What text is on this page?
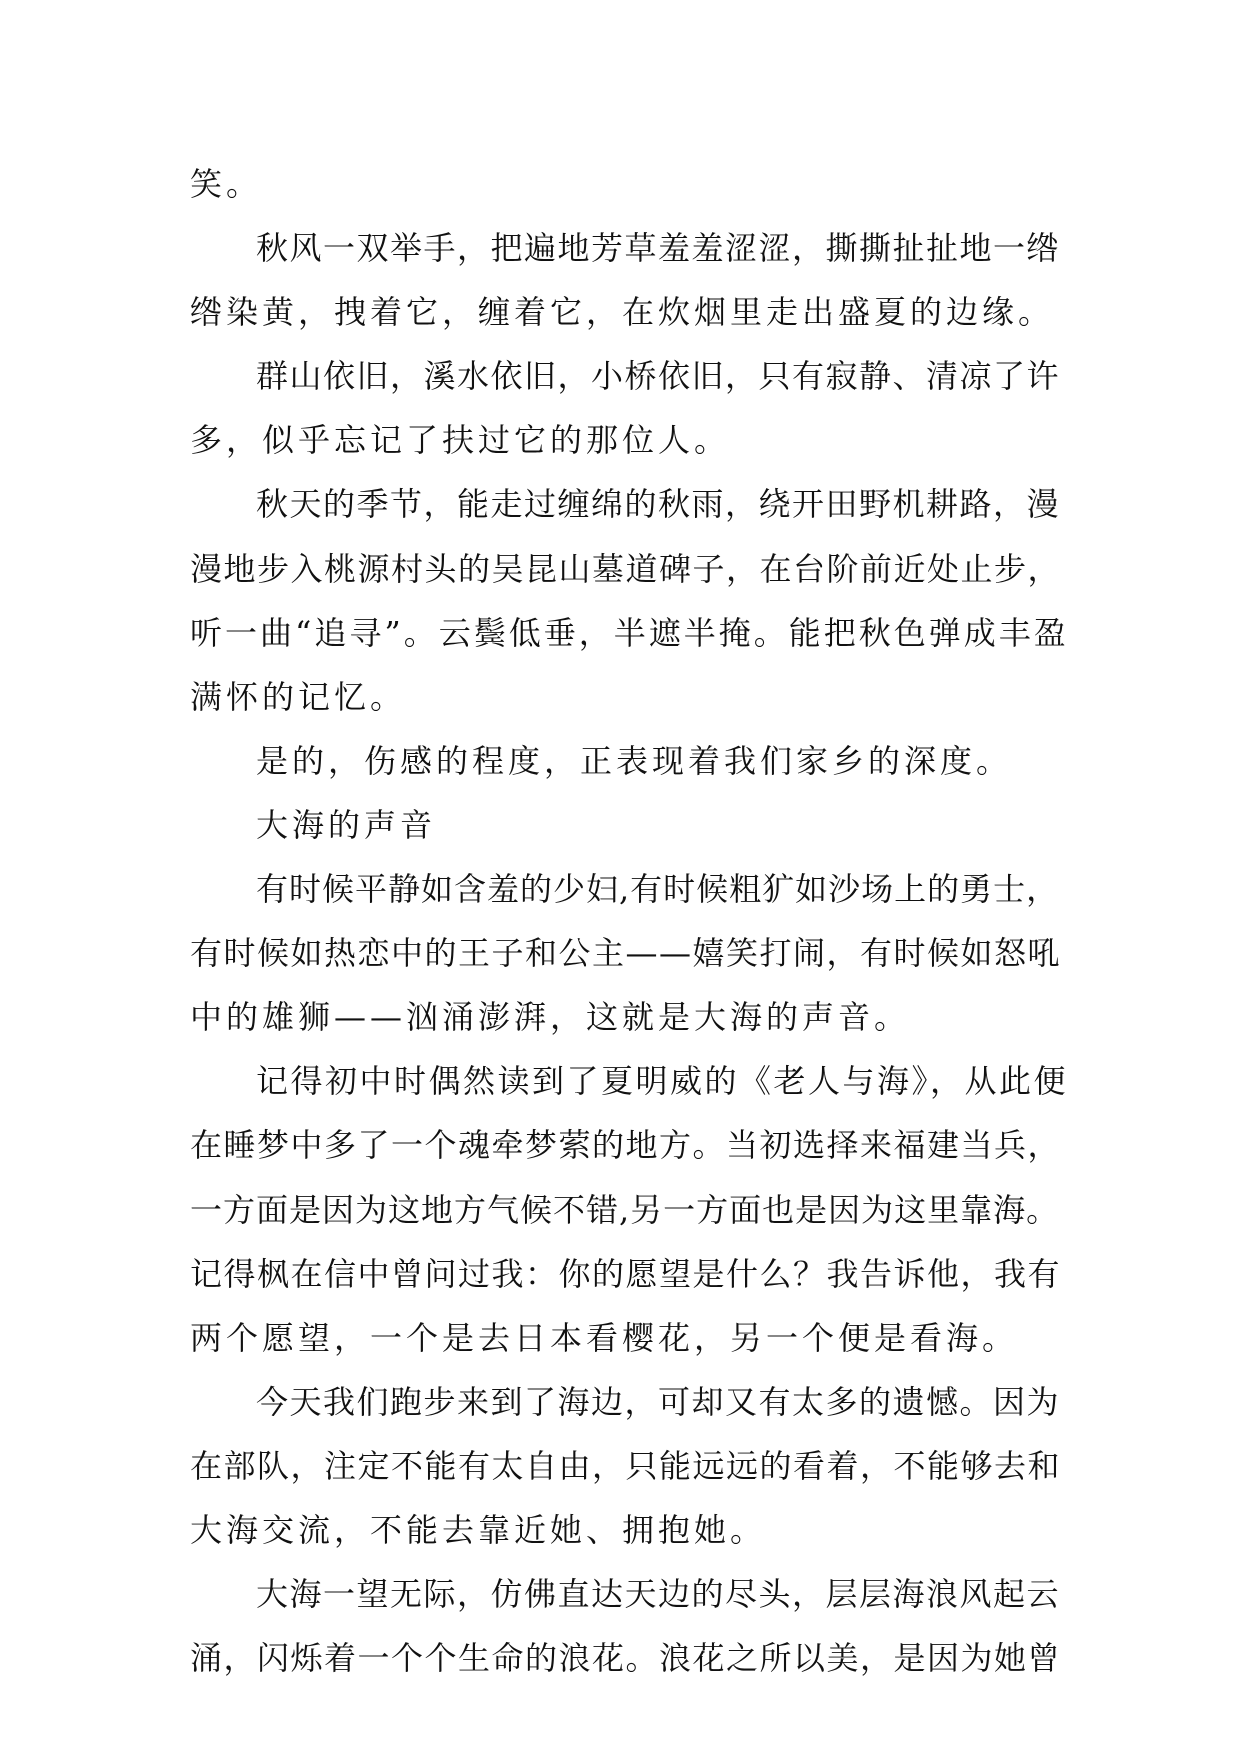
笑。
秋风一双举手，把遍地芳草羞羞涩涩，撕撕扯扯地一绺
绺染黄，拽着它，缠着它，在炊烟里走出盛夏的边缘。
群山依旧，溪水依旧，小桥依旧，只有寂静、清凉了许
多，似乎忘记了扶过它的那位人。
秋天的季节，能走过缠绵的秋雨，绕开田野机耕路，漫
漫地步入桃源村头的吴昆山墓道碑子，在台阶前近处止步，
听一曲“追寻”。云鬓低垂，半遮半掩。能把秋色弹成丰盈
满怀的记忆。
是的，伤感的程度，正表现着我们家乡的深度。
大海的声音
有时候平静如含羞的少妇,有时候粗犷如沙场上的勇士，
有时候如热恋中的王子和公主——嬉笑打闹，有时候如怒吼
中的雄狮——汹涌澎湃，这就是大海的声音。
记得初中时偶然读到了夏明威的《老人与海》，从此便
在睡梦中多了一个魂牵梦萦的地方。当初选择来福建当兵，
一方面是因为这地方气候不错,另一方面也是因为这里靠海。
记得枫在信中曾问过我：你的愿望是什么？我告诉他，我有
两个愿望，一个是去日本看樱花，另一个便是看海。
今天我们跑步来到了海边，可却又有太多的遗憾。因为
在部队，注定不能有太自由，只能远远的看着，不能够去和
大海交流，不能去靠近她、拥抱她。
大海一望无际，仿佛直达天边的尽头，层层海浪风起云
涌，闪烁着一个个生命的浪花。浪花之所以美，是因为她曾
